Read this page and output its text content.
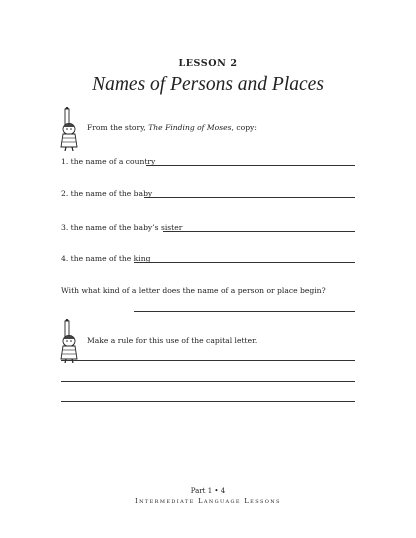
LESSON 2
Names of Persons and Places
From the story, The Finding of Moses, copy:
1. the name of a country
2. the name of the baby
3. the name of the baby’s sister
4. the name of the king
With what kind of a letter does the name of a person or place begin?
Make a rule for this use of the capital letter.
Part 1 • 4
Intermediate Language Lessons
